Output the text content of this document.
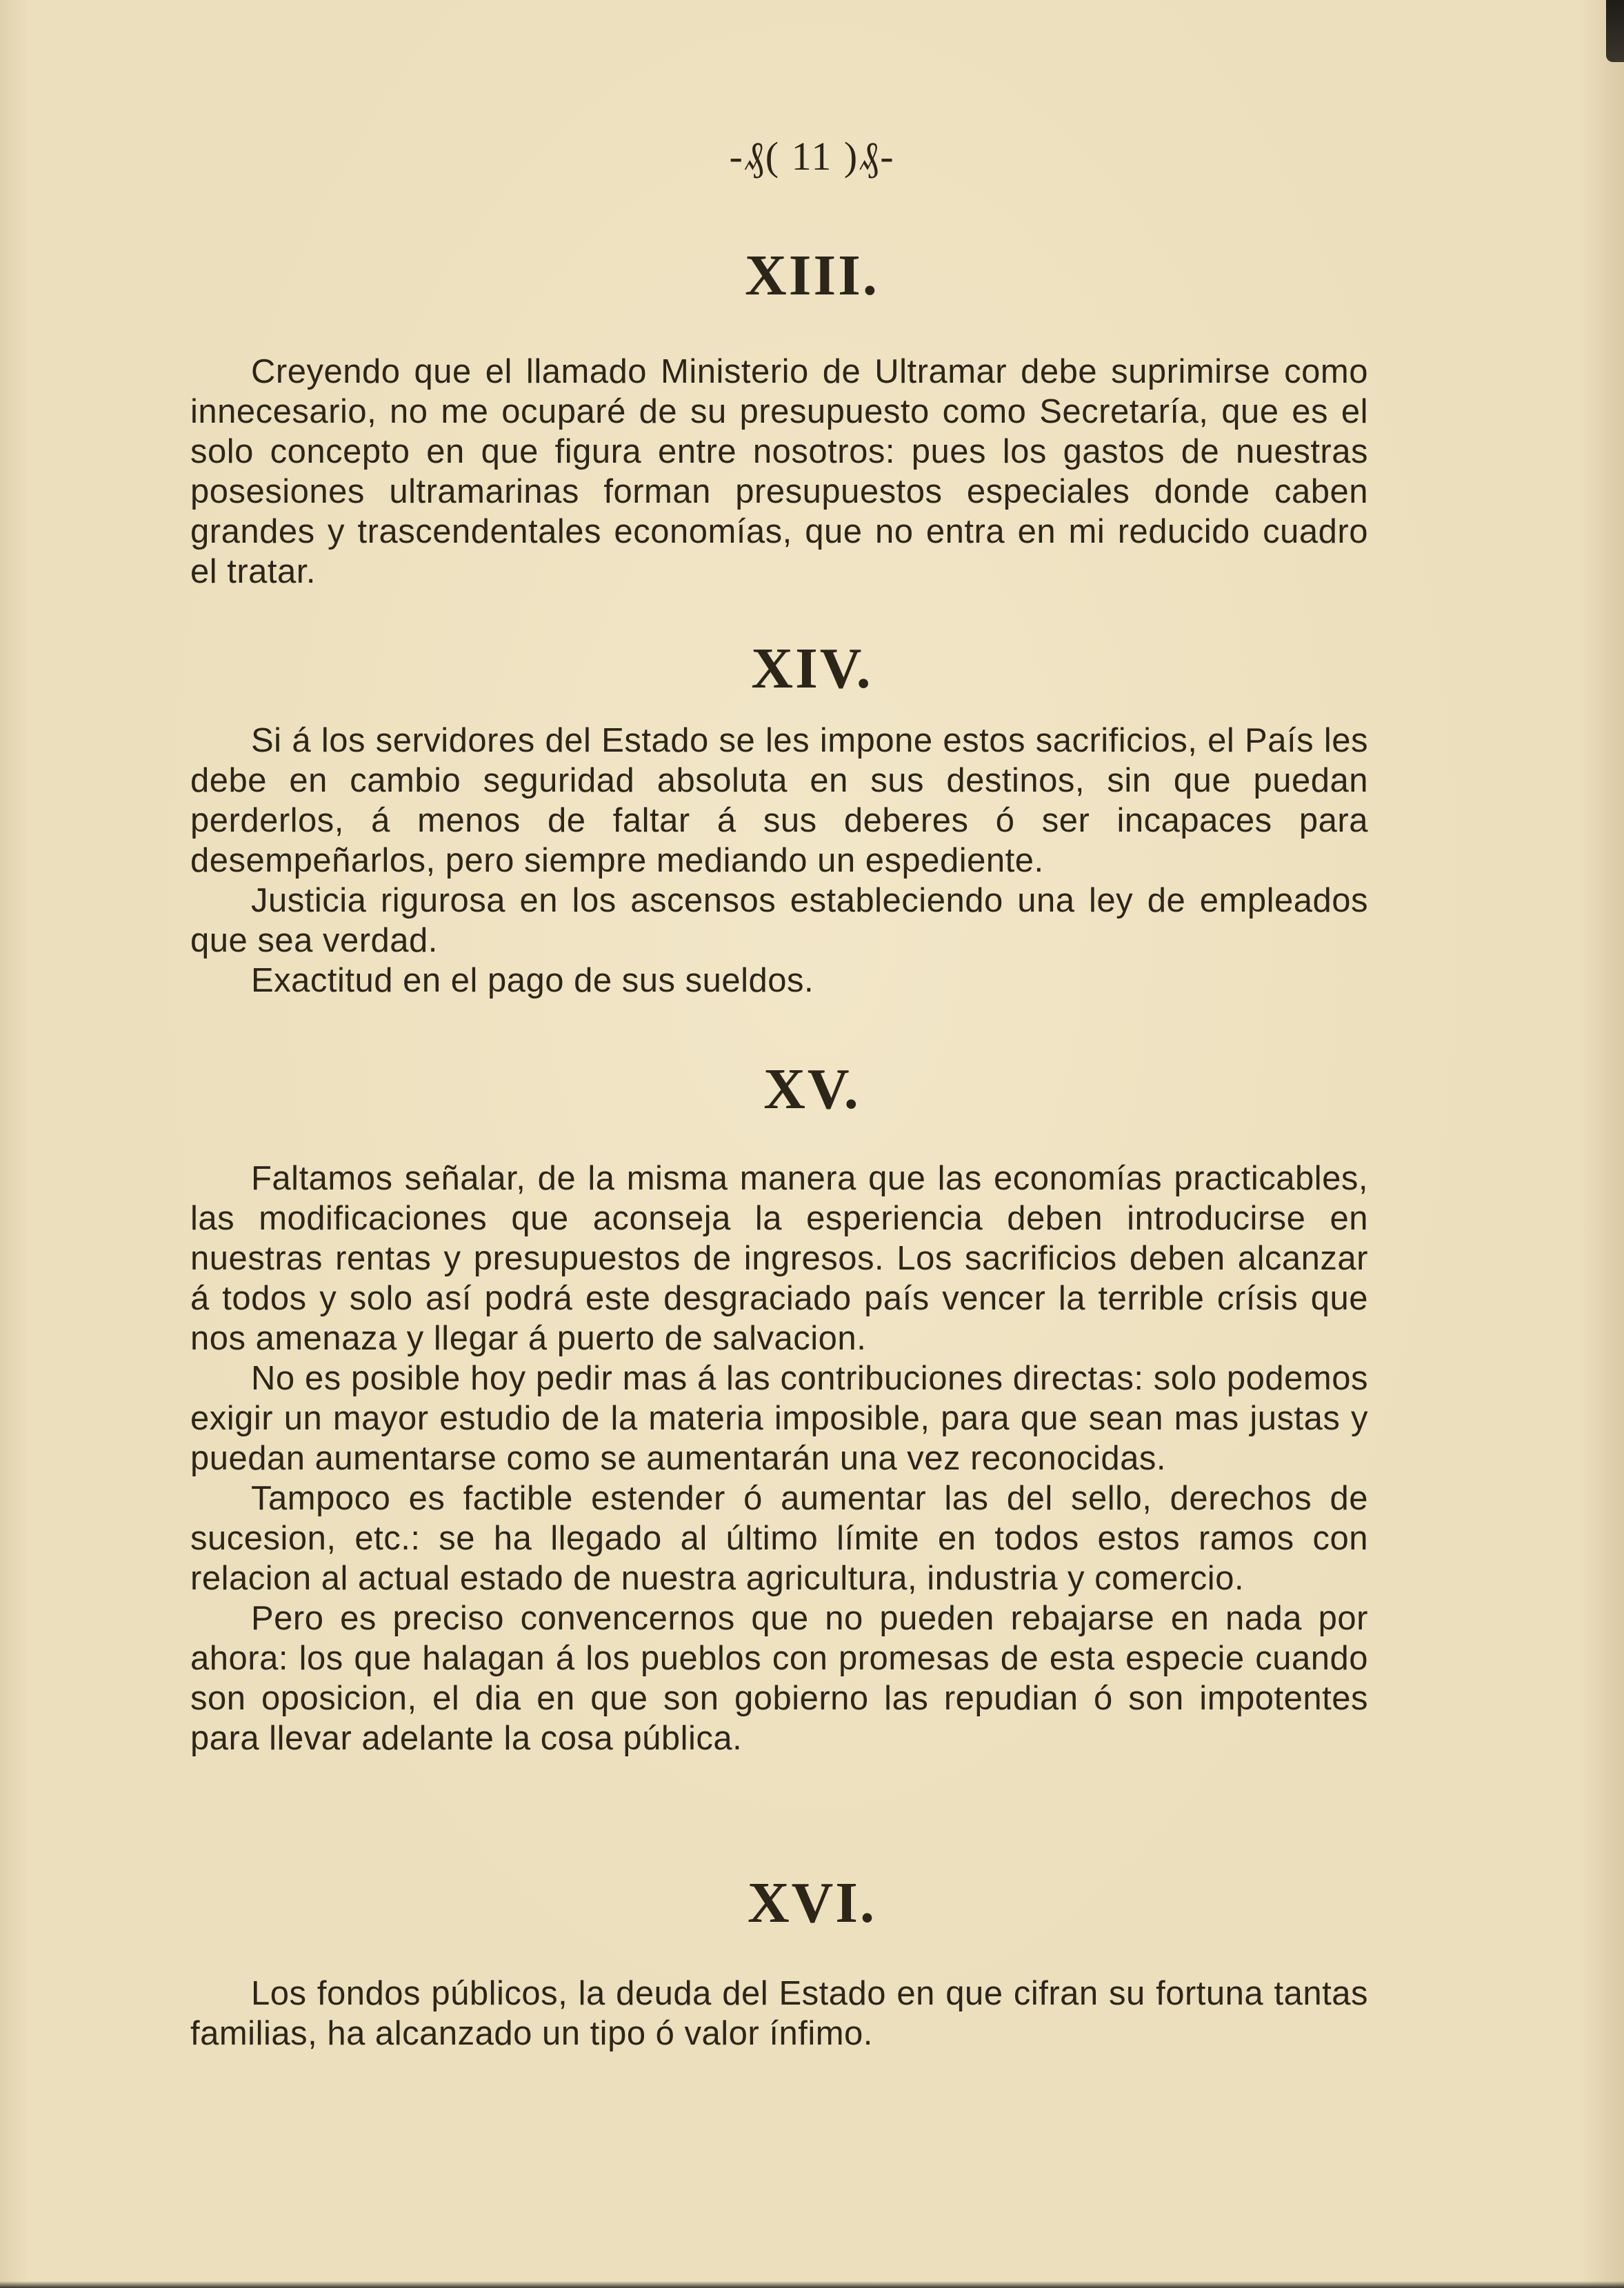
-₰( 11 )₰-
XIII.

Creyendo que el llamado Ministerio de Ultramar debe suprimirse como innecesario, no me ocuparé de su presupuesto como Secretaría, que es el solo concepto en que figura entre nosotros: pues los gastos de nuestras posesiones ultramarinas forman presupuestos especiales donde caben grandes y trascendentales economías, que no entra en mi reducido cuadro el tratar.

XIV.

Si á los servidores del Estado se les impone estos sacrificios, el País les debe en cambio seguridad absoluta en sus destinos, sin que puedan perderlos, á menos de faltar á sus deberes ó ser incapaces para desempeñarlos, pero siempre mediando un espediente.

Justicia rigurosa en los ascensos estableciendo una ley de empleados que sea verdad.

Exactitud en el pago de sus sueldos.

XV.

Faltamos señalar, de la misma manera que las economías practicables, las modificaciones que aconseja la esperiencia deben introducirse en nuestras rentas y presupuestos de ingresos. Los sacrificios deben alcanzar á todos y solo así podrá este desgraciado país vencer la terrible crísis que nos amenaza y llegar á puerto de salvacion.

No es posible hoy pedir mas á las contribuciones directas: solo podemos exigir un mayor estudio de la materia imposible, para que sean mas justas y puedan aumentarse como se aumentarán una vez reconocidas.

Tampoco es factible estender ó aumentar las del sello, derechos de sucesion, etc.: se ha llegado al último límite en todos estos ramos con relacion al actual estado de nuestra agricultura, industria y comercio.

Pero es preciso convencernos que no pueden rebajarse en nada por ahora: los que halagan á los pueblos con promesas de esta especie cuando son oposicion, el dia en que son gobierno las repudian ó son impotentes para llevar adelante la cosa pública.

XVI.

Los fondos públicos, la deuda del Estado en que cifran su fortuna tantas familias, ha alcanzado un tipo ó valor ínfimo.
